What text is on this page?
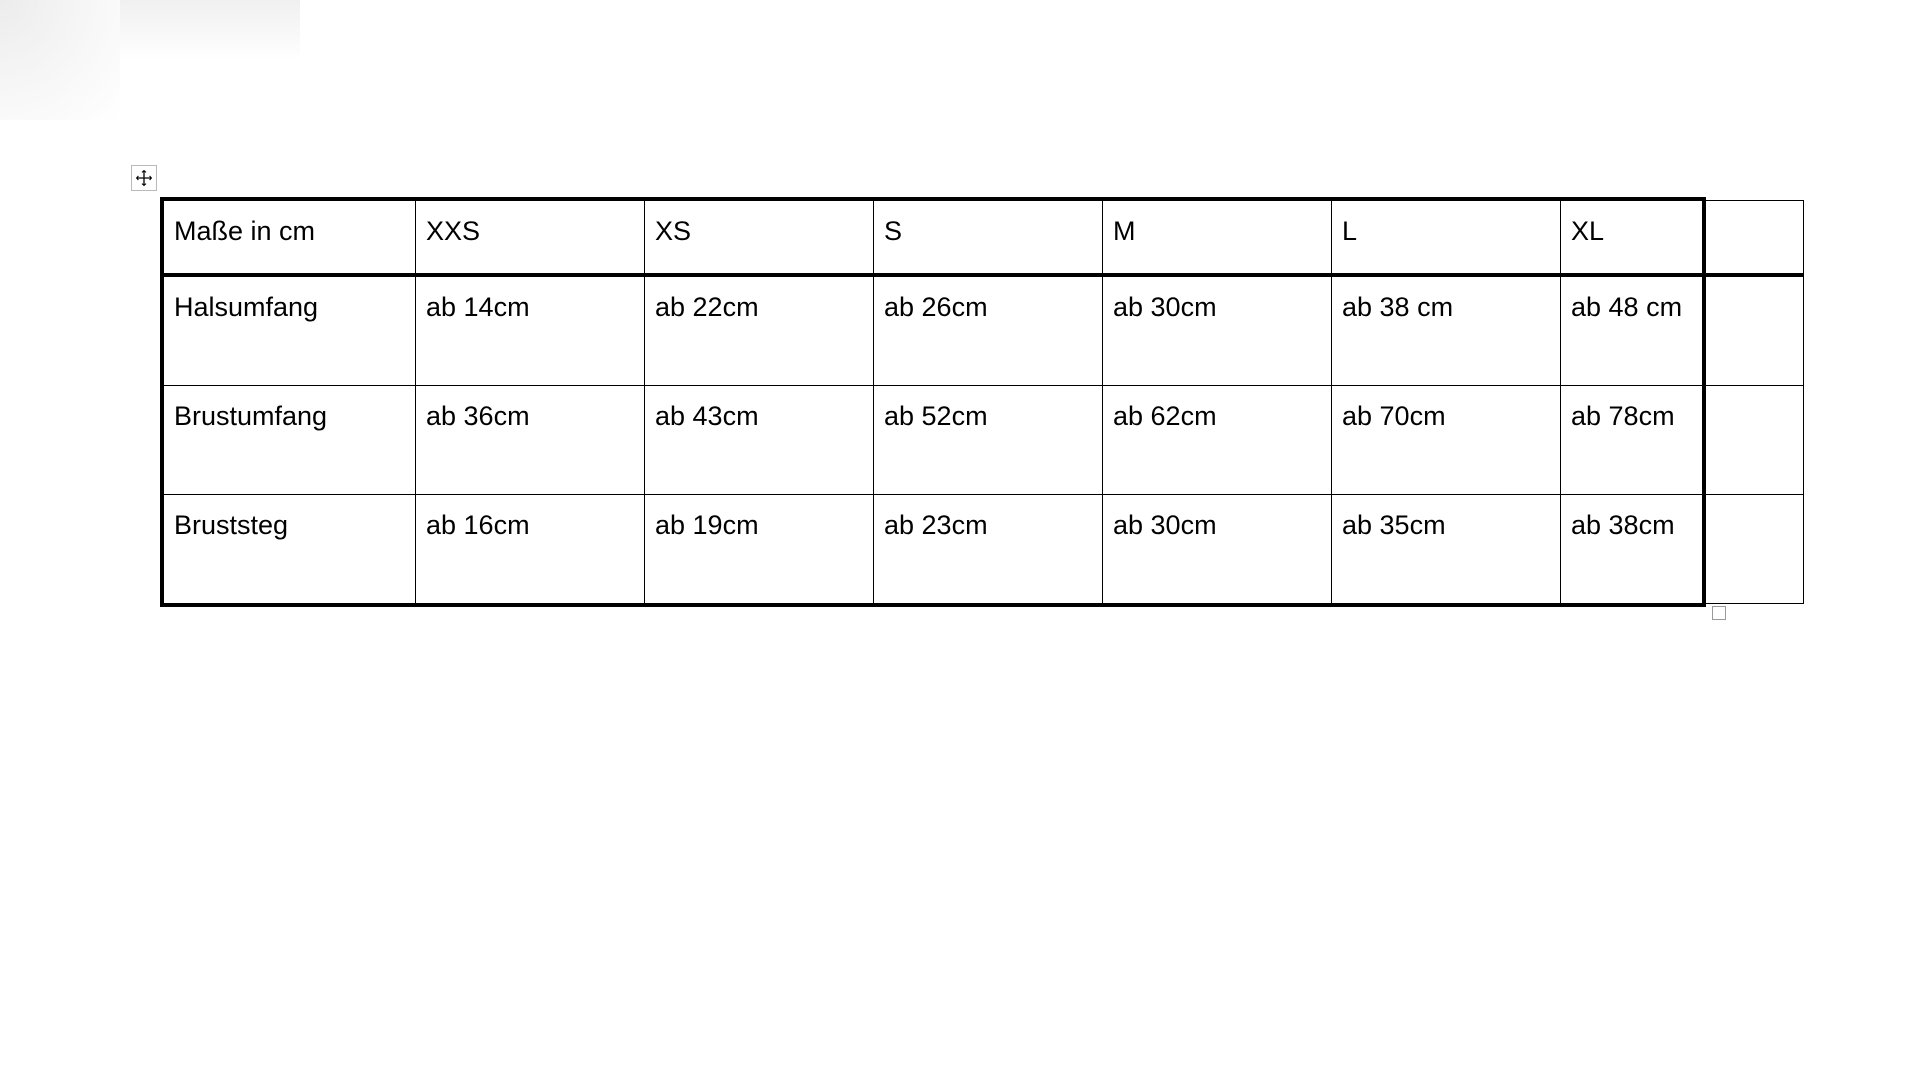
Maße in cm	XXS	XS	S	M	L	XL
Halsumfang	ab 14cm	ab 22cm	ab 26cm	ab 30cm	ab 38 cm	ab 48 cm
Brustumfang	ab 36cm	ab 43cm	ab 52cm	ab 62cm	ab 70cm	ab 78cm
Bruststeg	ab 16cm	ab 19cm	ab 23cm	ab 30cm	ab 35cm	ab 38cm
